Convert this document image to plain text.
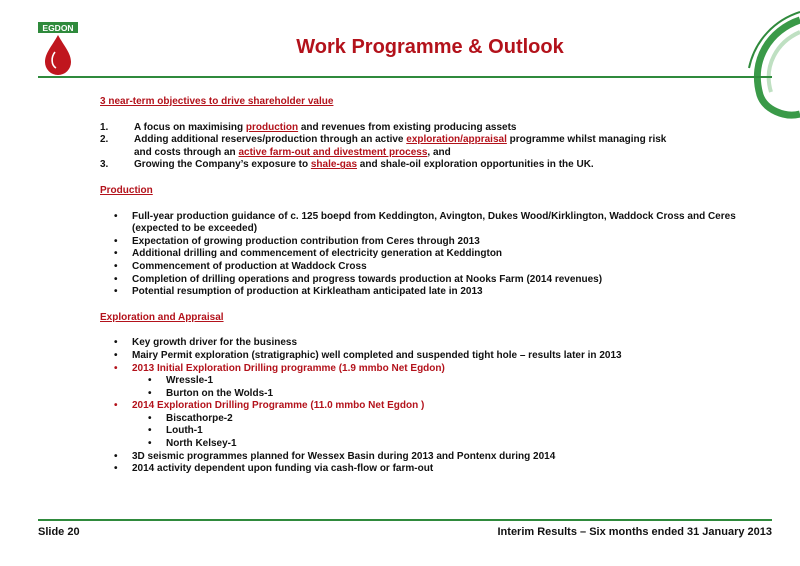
EGDON
Work Programme & Outlook
3 near-term objectives to drive shareholder value
1.	A focus on maximising production and revenues from existing producing assets
2.	Adding additional reserves/production through an active exploration/appraisal programme whilst managing risk
and costs through an active farm-out and divestment process, and
3.	Growing the Company’s exposure to shale-gas and shale-oil exploration opportunities in the UK.
Production
•	Full-year production guidance of c. 125 boepd from Keddington, Avington, Dukes Wood/Kirklington, Waddock Cross and Ceres (expected to be exceeded)
•	Expectation of growing production contribution from Ceres through 2013
•	Additional drilling and commencement of electricity generation at Keddington
•	Commencement of production at Waddock Cross
•	Completion of drilling operations and progress towards production at Nooks Farm (2014 revenues)
•	Potential resumption of production at Kirkleatham anticipated late in 2013
Exploration and Appraisal
•	Key growth driver for the business
•	Mairy Permit exploration (stratigraphic) well completed and suspended tight hole – results later in 2013
•	2013 Initial Exploration Drilling programme (1.9 mmbo Net Egdon)
•	Wressle-1
•	Burton on the Wolds-1
•	2014 Exploration Drilling Programme (11.0 mmbo Net Egdon )
•	Biscathorpe-2
•	Louth-1
•	North Kelsey-1
•	3D seismic programmes planned for Wessex Basin during 2013 and Pontenx during 2014
•	2014 activity dependent upon funding via cash-flow or farm-out
Slide 20	Interim Results – Six months ended 31 January 2013
